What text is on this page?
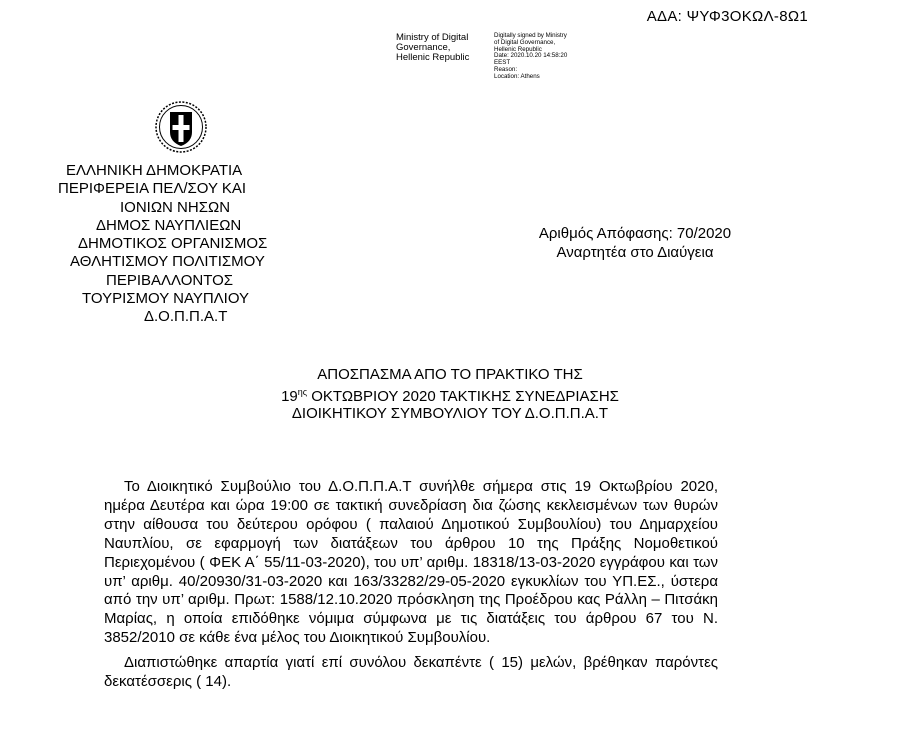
ΑΔΑ: ΨΥΦ3ΟΚΩΛ-8Ω1
Ministry of Digital
Governance,
Hellenic Republic
Digitally signed by Ministry
of Digital Governance,
Hellenic Republic
Date: 2020.10.20 14:58:20
EEST
Reason:
Location: Athens
ΕΛΛΗΝΙΚΗ ΔΗΜΟΚΡΑΤΙΑ
ΠΕΡΙΦΕΡΕΙΑ ΠΕΛ/ΣΟΥ ΚΑΙ
ΙΟΝΙΩΝ ΝΗΣΩΝ
ΔΗΜΟΣ ΝΑΥΠΛΙΕΩΝ
ΔΗΜΟΤΙΚΟΣ ΟΡΓΑΝΙΣΜΟΣ
ΑΘΛΗΤΙΣΜΟΥ ΠΟΛΙΤΙΣΜΟΥ
ΠΕΡΙΒΑΛΛΟΝΤΟΣ
ΤΟΥΡΙΣΜΟΥ ΝΑΥΠΛΙΟΥ
Δ.Ο.Π.Π.Α.Τ
Αριθμός Απόφασης: 70/2020
Αναρτητέα στο Διαύγεια
ΑΠΟΣΠΑΣΜΑ ΑΠΟ ΤΟ ΠΡΑΚΤΙΚΟ ΤΗΣ
$19^{\eta\varsigma}$ ΟΚΤΩΒΡΙΟΥ 2020 ΤΑΚΤΙΚΗΣ ΣΥΝΕΔΡΙΑΣΗΣ
ΔΙΟΙΚΗΤΙΚΟΥ ΣΥΜΒΟΥΛΙΟΥ ΤΟΥ Δ.Ο.Π.Π.Α.Τ

Το Διοικητικό Συμβούλιο του Δ.Ο.Π.Π.Α.Τ συνήλθε σήμερα στις 19 Οκτωβρίου 2020, ημέρα Δευτέρα και ώρα 19:00 σε τακτική συνεδρίαση δια ζώσης κεκλεισμένων των θυρών στην αίθουσα του δεύτερου ορόφου ( παλαιού Δημοτικού Συμβουλίου) του Δημαρχείου Ναυπλίου, σε εφαρμογή των διατάξεων του άρθρου 10 της Πράξης Νομοθετικού Περιεχομένου ( ΦΕΚ Α΄ 55/11-03-2020), του υπ’ αριθμ. 18318/13-03-2020 εγγράφου και των υπ’ αριθμ. 40/20930/31-03-2020 και 163/33282/29-05-2020 εγκυκλίων του ΥΠ.ΕΣ., ύστερα από την υπ’ αριθμ. Πρωτ: 1588/12.10.2020 πρόσκληση της Προέδρου κας Ράλλη – Πιτσάκη Μαρίας, η οποία επιδόθηκε νόμιμα σύμφωνα με τις διατάξεις του άρθρου 67 του Ν. 3852/2010 σε κάθε ένα μέλος του Διοικητικού Συμβουλίου.

Διαπιστώθηκε απαρτία γιατί επί συνόλου δεκαπέντε ( 15) μελών, βρέθηκαν παρόντες δεκατέσσερις ( 14).
